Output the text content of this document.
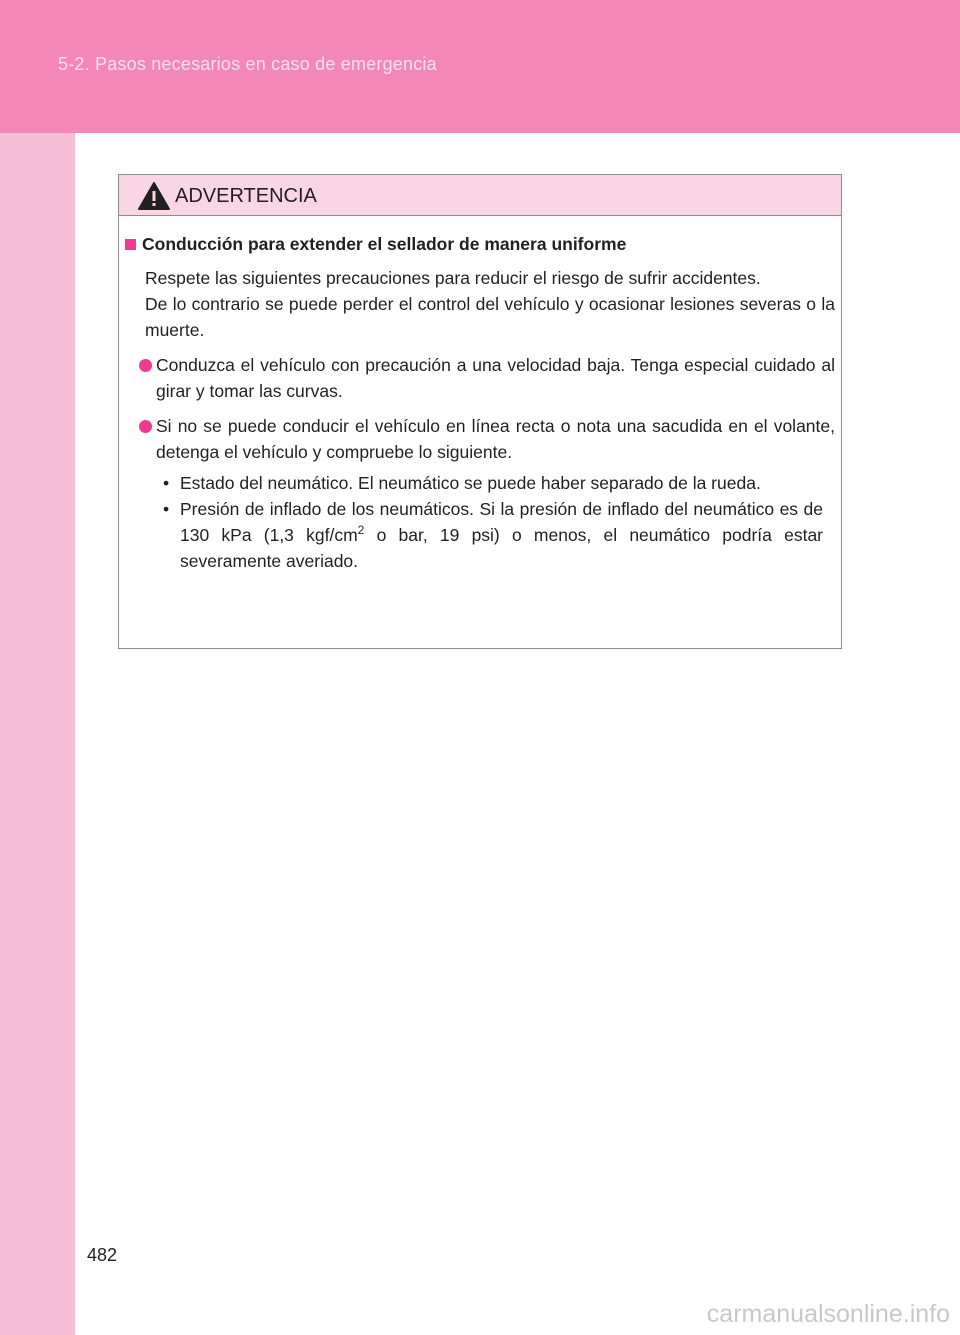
5-2. Pasos necesarios en caso de emergencia
ADVERTENCIA
Conducción para extender el sellador de manera uniforme
Respete las siguientes precauciones para reducir el riesgo de sufrir accidentes.
De lo contrario se puede perder el control del vehículo y ocasionar lesiones severas o la muerte.
Conduzca el vehículo con precaución a una velocidad baja. Tenga especial cuidado al girar y tomar las curvas.
Si no se puede conducir el vehículo en línea recta o nota una sacudida en el volante, detenga el vehículo y compruebe lo siguiente.
• Estado del neumático. El neumático se puede haber separado de la rueda.
• Presión de inflado de los neumáticos. Si la presión de inflado del neumático es de 130 kPa (1,3 kgf/$cm^2$ o bar, 19 psi) o menos, el neumático podría estar severamente averiado.
482
carmanualsonline.info
